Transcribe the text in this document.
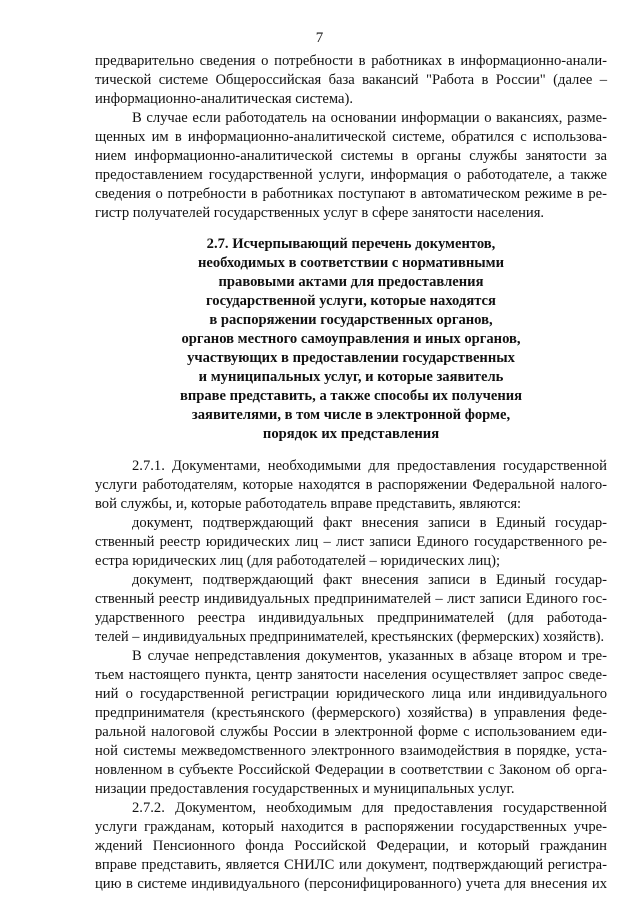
7
предварительно сведения о потребности в работниках в информационно-анали-
тической системе Общероссийская база вакансий "Работа в России" (далее –
информационно-аналитическая система).
В случае если работодатель на основании информации о вакансиях, разме-
щенных им в информационно-аналитической системе, обратился с использова-
нием информационно-аналитической системы в органы службы занятости за
предоставлением государственной услуги, информация о работодателе, а также
сведения о потребности в работниках поступают в автоматическом режиме в ре-
гистр получателей государственных услуг в сфере занятости населения.
2.7. Исчерпывающий перечень документов,
необходимых в соответствии с нормативными
правовыми актами для предоставления
государственной услуги, которые находятся
в распоряжении государственных органов,
органов местного самоуправления и иных органов,
участвующих в предоставлении государственных
и муниципальных услуг, и которые заявитель
вправе представить, а также способы их получения
заявителями, в том числе в электронной форме,
порядок их представления
2.7.1. Документами, необходимыми для предоставления государственной
услуги работодателям, которые находятся в распоряжении Федеральной налого-
вой службы, и, которые работодатель вправе представить, являются:
документ, подтверждающий факт внесения записи в Единый государ-
ственный реестр юридических лиц – лист записи Единого государственного ре-
естра юридических лиц (для работодателей – юридических лиц);
документ, подтверждающий факт внесения записи в Единый государ-
ственный реестр индивидуальных предпринимателей – лист записи Единого гос-
ударственного реестра индивидуальных предпринимателей (для работода-
телей – индивидуальных предпринимателей, крестьянских (фермерских) хозяйств).
В случае непредставления документов, указанных в абзаце втором и тре-
тьем настоящего пункта, центр занятости населения осуществляет запрос сведе-
ний о государственной регистрации юридического лица или индивидуального
предпринимателя (крестьянского (фермерского) хозяйства) в управления феде-
ральной налоговой службы России в электронной форме с использованием еди-
ной системы межведомственного электронного взаимодействия в порядке, уста-
новленном в субъекте Российской Федерации в соответствии с Законом об орга-
низации предоставления государственных и муниципальных услуг.
2.7.2. Документом, необходимым для предоставления государственной
услуги гражданам, который находится в распоряжении государственных учре-
ждений Пенсионного фонда Российской Федерации, и который гражданин
вправе представить, является СНИЛС или документ, подтверждающий регистра-
цию в системе индивидуального (персонифицированного) учета для внесения их
